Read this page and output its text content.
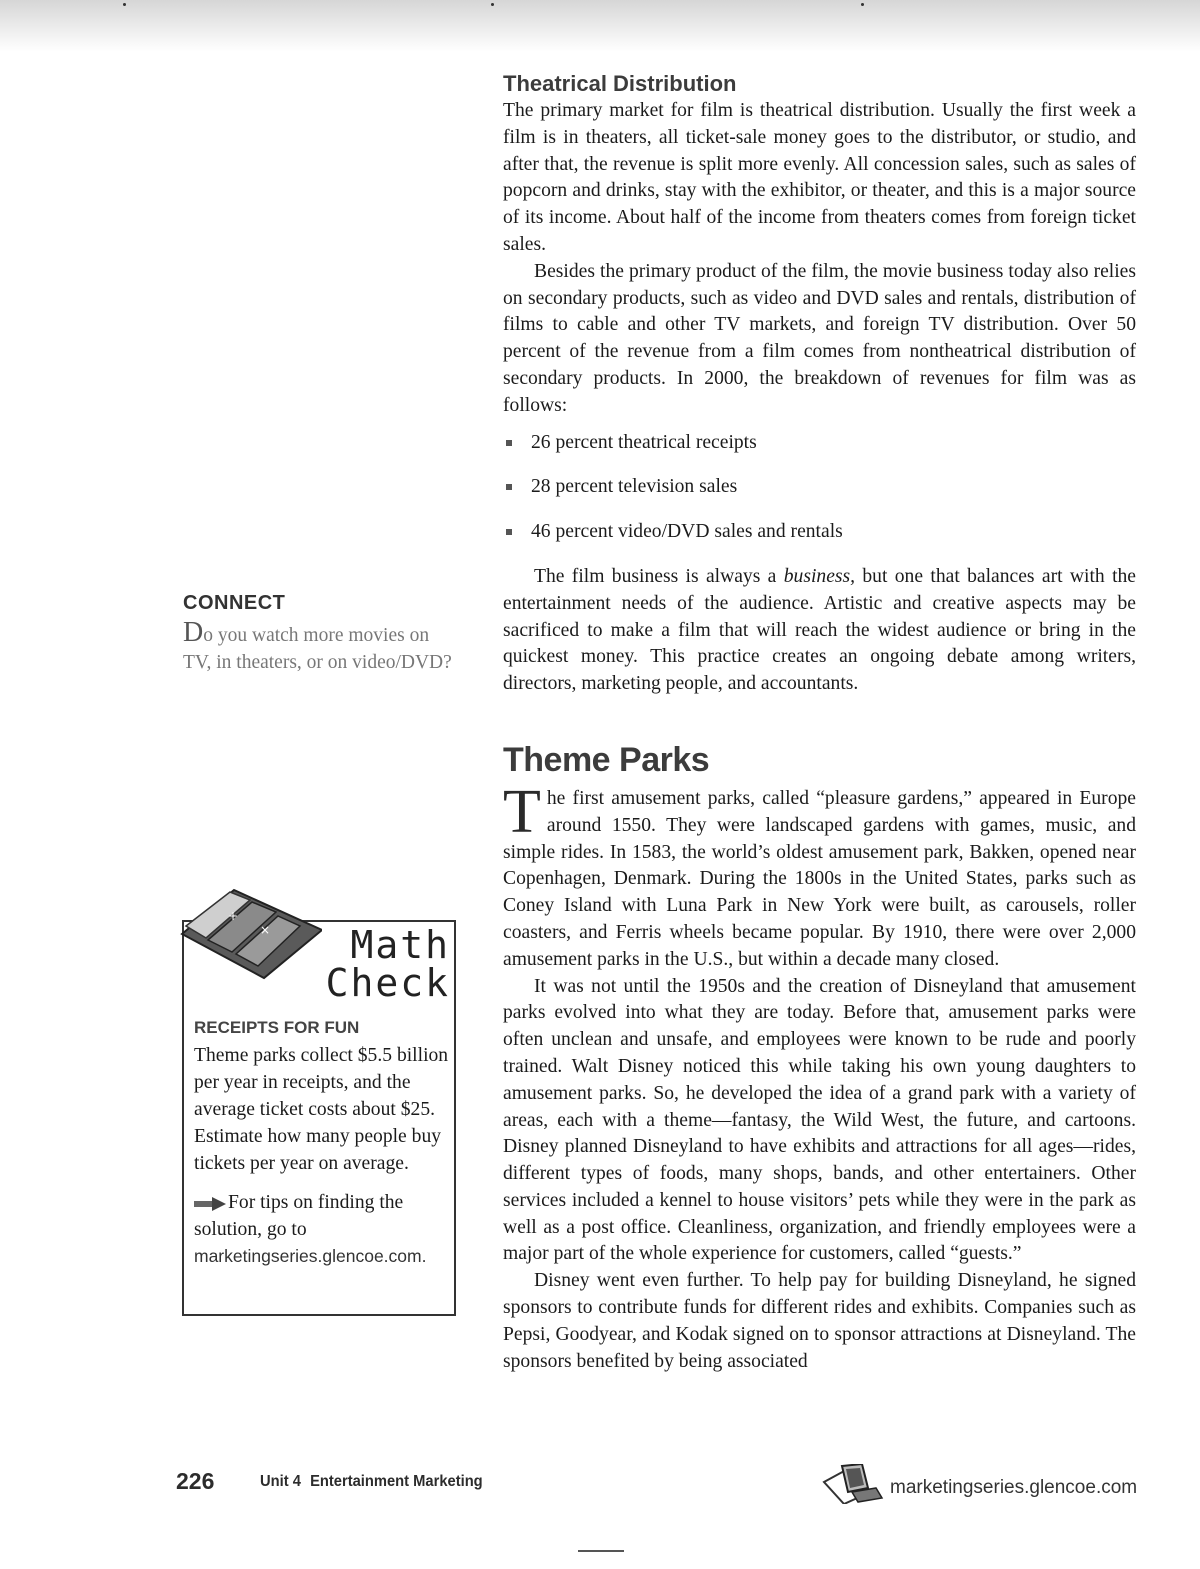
Theatrical Distribution

The primary market for film is theatrical distribution. Usually the first week a film is in theaters, all ticket-sale money goes to the distributor, or studio, and after that, the revenue is split more evenly. All concession sales, such as sales of popcorn and drinks, stay with the exhibitor, or theater, and this is a major source of its income. About half of the income from theaters comes from foreign ticket sales.

Besides the primary product of the film, the movie business today also relies on secondary products, such as video and DVD sales and rentals, distribution of films to cable and other TV markets, and foreign TV distribution. Over 50 percent of the revenue from a film comes from nontheatrical distribution of secondary products. In 2000, the breakdown of revenues for film was as follows:

26 percent theatrical receipts
28 percent television sales
46 percent video/DVD sales and rentals

The film business is always a business, but one that balances art with the entertainment needs of the audience. Artistic and creative aspects may be sacrificed to make a film that will reach the widest audience or bring in the quickest money. This practice creates an ongoing debate among writers, directors, marketing people, and accountants.

Theme Parks

The first amusement parks, called “pleasure gardens,” appeared in Europe around 1550. They were landscaped gardens with games, music, and simple rides. In 1583, the world’s oldest amusement park, Bakken, opened near Copenhagen, Denmark. During the 1800s in the United States, parks such as Coney Island with Luna Park in New York were built, as carousels, roller coasters, and Ferris wheels became popular. By 1910, there were over 2,000 amusement parks in the U.S., but within a decade many closed.

It was not until the 1950s and the creation of Disneyland that amusement parks evolved into what they are today. Before that, amusement parks were often unclean and unsafe, and employees were known to be rude and poorly trained. Walt Disney noticed this while taking his own young daughters to amusement parks. So, he developed the idea of a grand park with a variety of areas, each with a theme—fantasy, the Wild West, the future, and cartoons. Disney planned Disneyland to have exhibits and attractions for all ages—rides, different types of foods, many shops, bands, and other entertainers. Other services included a kennel to house visitors’ pets while they were in the park as well as a post office. Cleanliness, organization, and friendly employees were a major part of the whole experience for customers, called “guests.”

Disney went even further. To help pay for building Disneyland, he signed sponsors to contribute funds for different rides and exhibits. Companies such as Pepsi, Goodyear, and Kodak signed on to sponsor attractions at Disneyland. The sponsors benefited by being associated

CONNECT
Do you watch more movies on TV, in theaters, or on video/DVD?
+
×	Math
Check
RECEIPTS FOR FUN

Theme parks collect $5.5 billion per year in receipts, and the average ticket costs about $25. Estimate how many people buy tickets per year on average.

For tips on finding the solution, go to
marketingseries.glencoe.com.

226	Unit 4 Entertainment Marketing	marketingseries.glencoe.com
